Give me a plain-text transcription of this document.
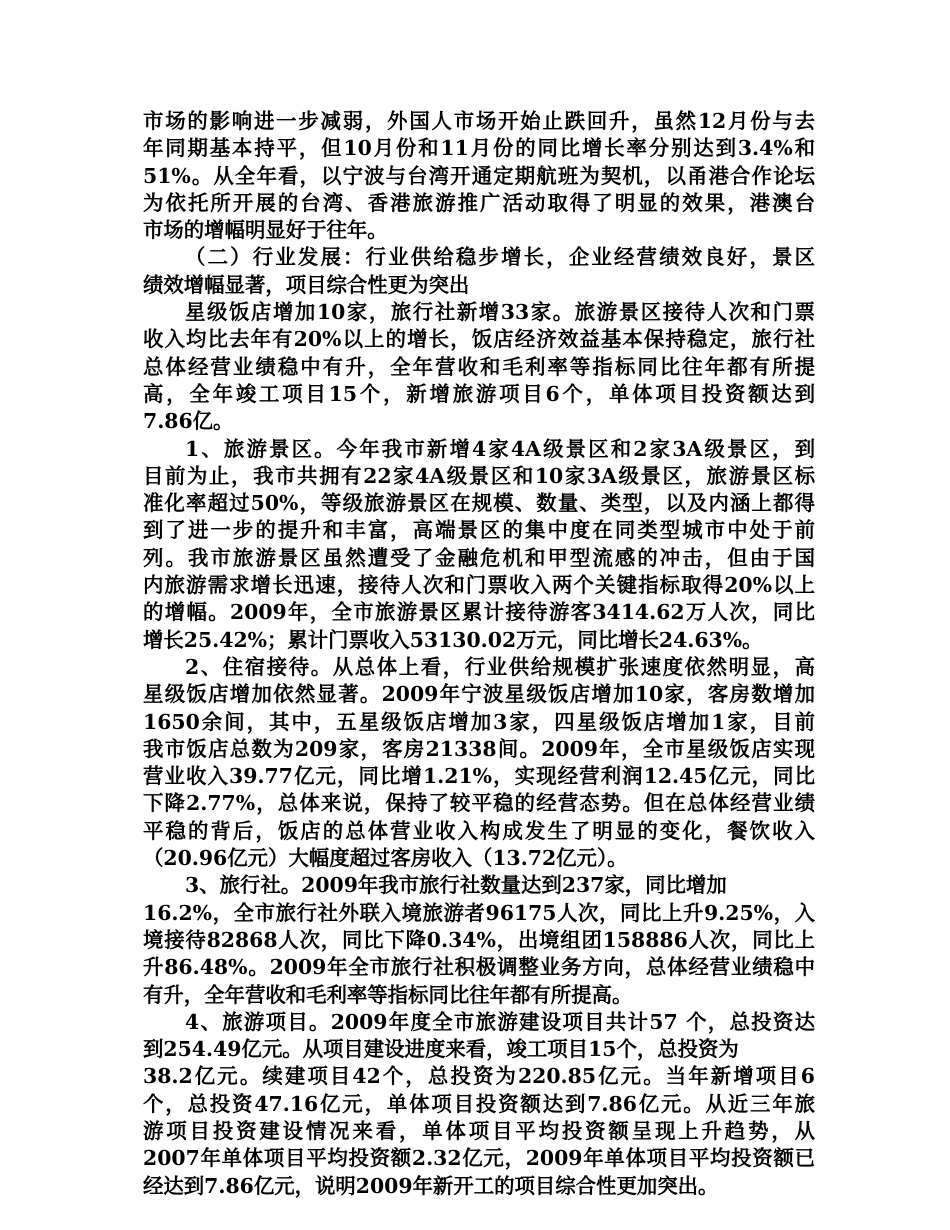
市场的影响进一步减弱，外国人市场开始止跌回升，虽然12月份与去
年同期基本持平，但10月份和11月份的同比增长率分别达到3.4%和
51%。从全年看，以宁波与台湾开通定期航班为契机，以甬港合作论坛
为依托所开展的台湾、香港旅游推广活动取得了明显的效果，港澳台
市场的增幅明显好于往年。
（二）行业发展：行业供给稳步增长，企业经营绩效良好，景区
绩效增幅显著，项目综合性更为突出
星级饭店增加10家，旅行社新增33家。旅游景区接待人次和门票
收入均比去年有20%以上的增长，饭店经济效益基本保持稳定，旅行社
总体经营业绩稳中有升，全年营收和毛利率等指标同比往年都有所提
高，全年竣工项目15个，新增旅游项目6个，单体项目投资额达到
7.86亿。
1、旅游景区。今年我市新增4家4A级景区和2家3A级景区，到
目前为止，我市共拥有22家4A级景区和10家3A级景区，旅游景区标
准化率超过50%，等级旅游景区在规模、数量、类型，以及内涵上都得
到了进一步的提升和丰富，高端景区的集中度在同类型城市中处于前
列。我市旅游景区虽然遭受了金融危机和甲型流感的冲击，但由于国
内旅游需求增长迅速，接待人次和门票收入两个关键指标取得20%以上
的增幅。2009年，全市旅游景区累计接待游客3414.62万人次，同比
增长25.42%；累计门票收入53130.02万元，同比增长24.63%。
2、住宿接待。从总体上看，行业供给规模扩张速度依然明显，高
星级饭店增加依然显著。2009年宁波星级饭店增加10家，客房数增加
1650余间，其中，五星级饭店增加3家，四星级饭店增加1家，目前
我市饭店总数为209家，客房21338间。2009年，全市星级饭店实现
营业收入39.77亿元，同比增1.21%，实现经营利润12.45亿元，同比
下降2.77%，总体来说，保持了较平稳的经营态势。但在总体经营业绩
平稳的背后，饭店的总体营业收入构成发生了明显的变化，餐饮收入
（20.96亿元）大幅度超过客房收入（13.72亿元）。
3、旅行社。2009年我市旅行社数量达到237家，同比增加
16.2%，全市旅行社外联入境旅游者96175人次，同比上升9.25%，入
境接待82868人次，同比下降0.34%，出境组团158886人次，同比上
升86.48%。2009年全市旅行社积极调整业务方向，总体经营业绩稳中
有升，全年营收和毛利率等指标同比往年都有所提高。
4、旅游项目。2009年度全市旅游建设项目共计57 个，总投资达
到254.49亿元。从项目建设进度来看，竣工项目15个，总投资为
38.2亿元。续建项目42个，总投资为220.85亿元。当年新增项目6
个，总投资47.16亿元，单体项目投资额达到7.86亿元。从近三年旅
游项目投资建设情况来看，单体项目平均投资额呈现上升趋势，从
2007年单体项目平均投资额2.32亿元，2009年单体项目平均投资额已
经达到7.86亿元，说明2009年新开工的项目综合性更加突出。
